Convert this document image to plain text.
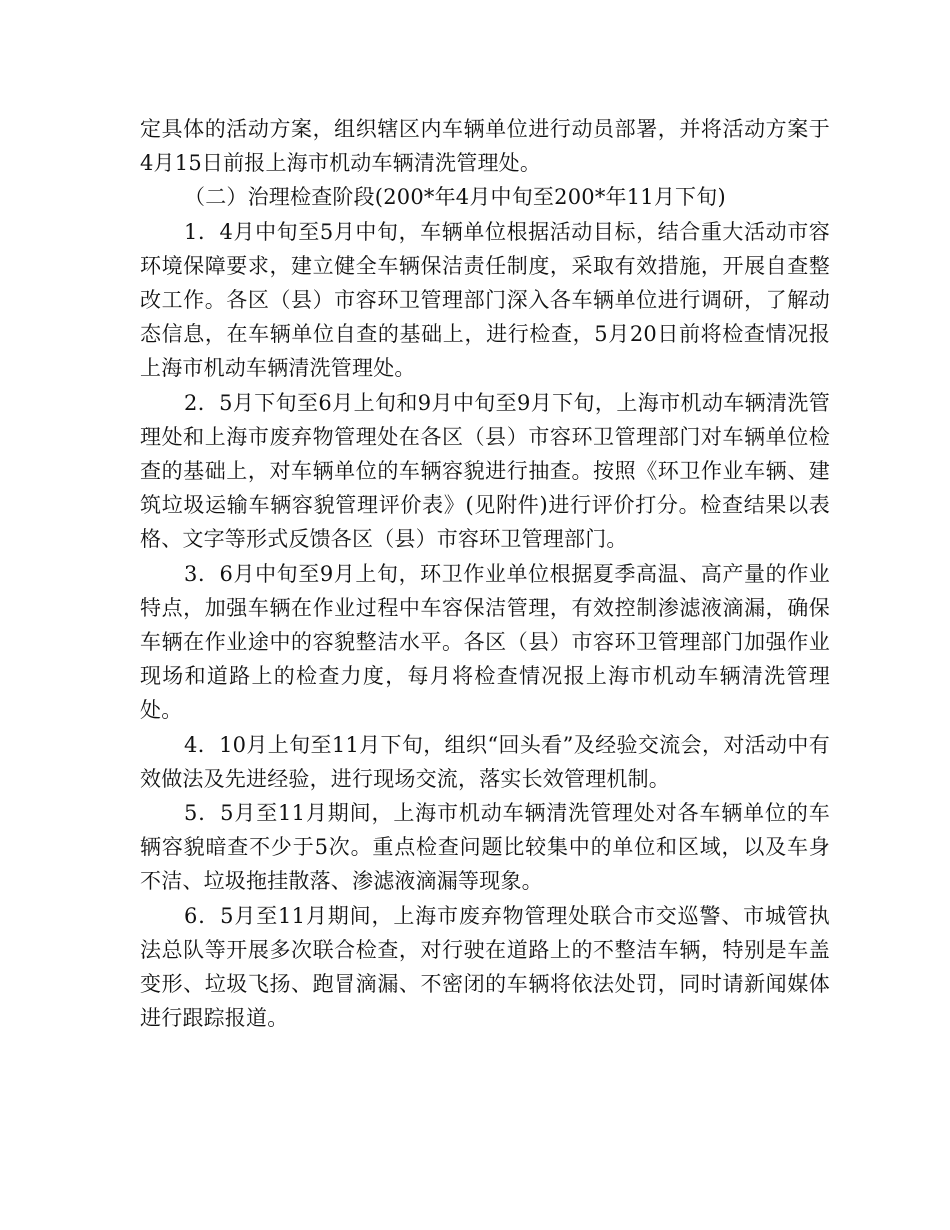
定具体的活动方案，组织辖区内车辆单位进行动员部署，并将活动方案于4月15日前报上海市机动车辆清洗管理处。

（二）治理检查阶段(200*年4月中旬至200*年11月下旬)

1．4月中旬至5月中旬，车辆单位根据活动目标，结合重大活动市容环境保障要求，建立健全车辆保洁责任制度，采取有效措施，开展自查整改工作。各区（县）市容环卫管理部门深入各车辆单位进行调研，了解动态信息，在车辆单位自查的基础上，进行检查，5月20日前将检查情况报上海市机动车辆清洗管理处。

2．5月下旬至6月上旬和9月中旬至9月下旬，上海市机动车辆清洗管理处和上海市废弃物管理处在各区（县）市容环卫管理部门对车辆单位检查的基础上，对车辆单位的车辆容貌进行抽查。按照《环卫作业车辆、建筑垃圾运输车辆容貌管理评价表》(见附件)进行评价打分。检查结果以表格、文字等形式反馈各区（县）市容环卫管理部门。

3．6月中旬至9月上旬，环卫作业单位根据夏季高温、高产量的作业特点，加强车辆在作业过程中车容保洁管理，有效控制渗滤液滴漏，确保车辆在作业途中的容貌整洁水平。各区（县）市容环卫管理部门加强作业现场和道路上的检查力度，每月将检查情况报上海市机动车辆清洗管理处。

4．10月上旬至11月下旬，组织“回头看”及经验交流会，对活动中有效做法及先进经验，进行现场交流，落实长效管理机制。

5．5月至11月期间，上海市机动车辆清洗管理处对各车辆单位的车辆容貌暗查不少于5次。重点检查问题比较集中的单位和区域，以及车身不洁、垃圾拖挂散落、渗滤液滴漏等现象。

6．5月至11月期间，上海市废弃物管理处联合市交巡警、市城管执法总队等开展多次联合检查，对行驶在道路上的不整洁车辆，特别是车盖变形、垃圾飞扬、跑冒滴漏、不密闭的车辆将依法处罚，同时请新闻媒体进行跟踪报道。
